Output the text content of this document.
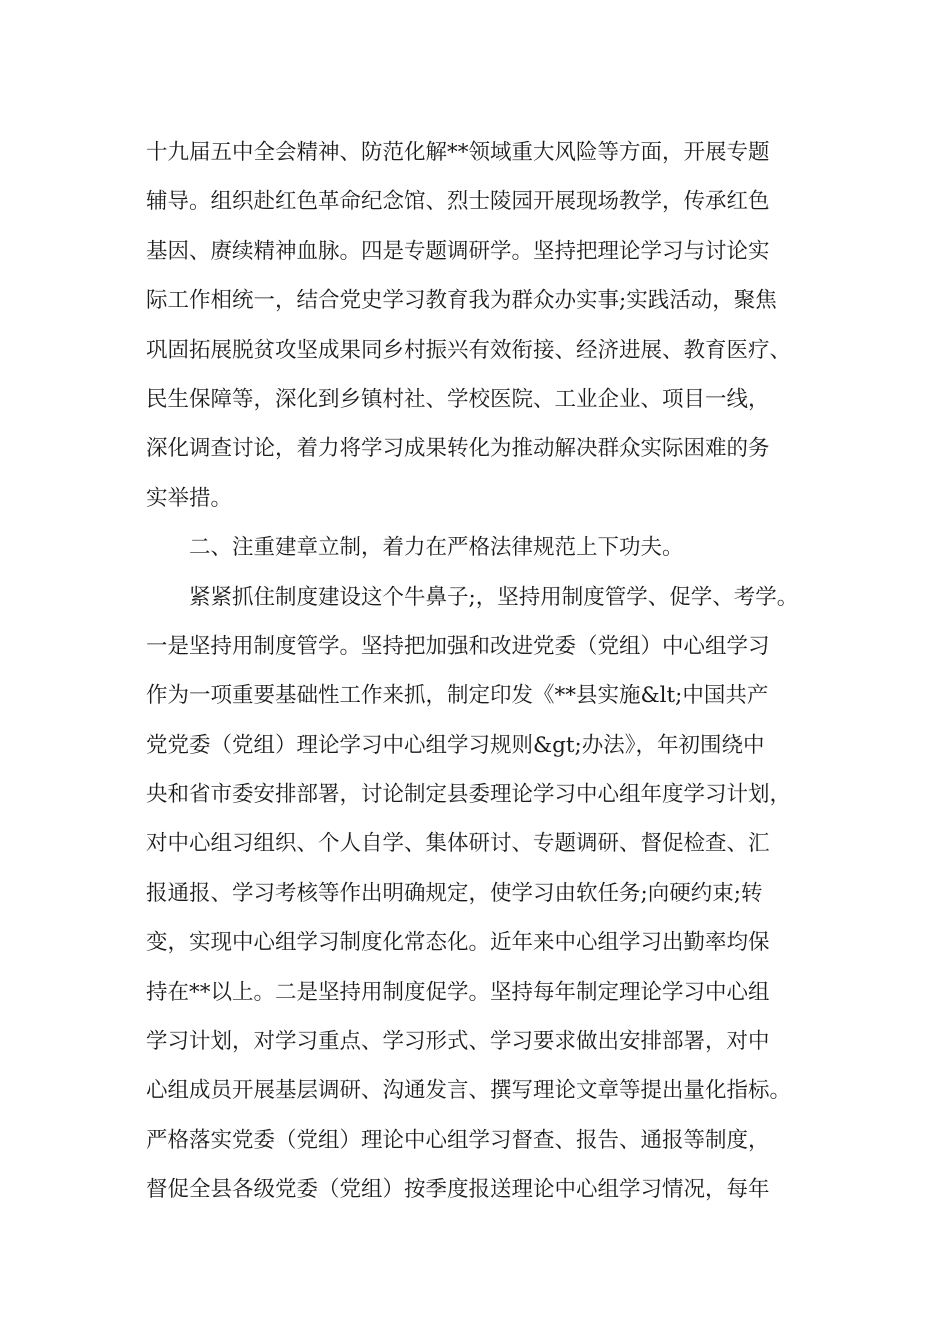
十九届五中全会精神、防范化解**领域重大风险等方面，开展专题
辅导。组织赴红色革命纪念馆、烈士陵园开展现场教学，传承红色
基因、赓续精神血脉。四是专题调研学。坚持把理论学习与讨论实
际工作相统一，结合党史学习教育我为群众办实事;实践活动，聚焦
巩固拓展脱贫攻坚成果同乡村振兴有效衔接、经济进展、教育医疗、
民生保障等，深化到乡镇村社、学校医院、工业企业、项目一线，
深化调查讨论，着力将学习成果转化为推动解决群众实际困难的务
实举措。
二、注重建章立制，着力在严格法律规范上下功夫。
紧紧抓住制度建设这个牛鼻子;，坚持用制度管学、促学、考学。
一是坚持用制度管学。坚持把加强和改进党委（党组）中心组学习
作为一项重要基础性工作来抓，制定印发《**县实施&lt;中国共产
党党委（党组）理论学习中心组学习规则&gt;办法》，年初围绕中
央和省市委安排部署，讨论制定县委理论学习中心组年度学习计划，
对中心组习组织、个人自学、集体研讨、专题调研、督促检查、汇
报通报、学习考核等作出明确规定，使学习由软任务;向硬约束;转
变，实现中心组学习制度化常态化。近年来中心组学习出勤率均保
持在**以上。二是坚持用制度促学。坚持每年制定理论学习中心组
学习计划，对学习重点、学习形式、学习要求做出安排部署，对中
心组成员开展基层调研、沟通发言、撰写理论文章等提出量化指标。
严格落实党委（党组）理论中心组学习督查、报告、通报等制度，
督促全县各级党委（党组）按季度报送理论中心组学习情况，每年
